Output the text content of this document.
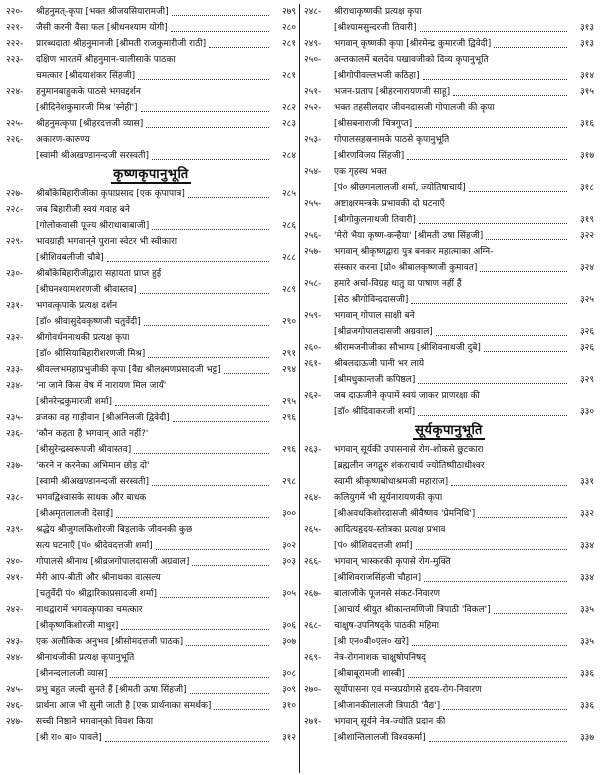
२२०-	श्रीहनुमत्-कृपा [भक्त श्रीजयसियारामजी]	२७९
२२१-	जैसी करनी वैसा फल [श्रीधनश्याम योगी]	२८०
२२२-	प्रारब्धदाता श्रीहनुमानजी [श्रीमती राजकुमारीजी राठी]	२८१
२२३-	दक्षिण भारतमें श्रीहनुमान-चालीसाके पाठका
चमत्कार [श्रीदयाशंकर सिंहजी]	२८१
२२४-	हनुमानबाहुकके पाठसे भगवद्दर्शन
[श्रीदिनेशकुमारजी मिश्र 'स्नेही']	२८२
२२५-	श्रीहनुमत्कृपा [श्रीहरदत्तजी व्यास]	२८३
२२६-	अकारण-कारुण्य
[स्वामी श्रीअखण्डानन्दजी सरस्वती]	२८४
कृष्णकृपानुभूति
२२७-	श्रीबाँकेबिहारीजीका कृपाप्रसाद [एक कृपापात्र]	२८५
२२८-	जब बिहारीजी स्वयं गवाह बने
[गोलोकवासी पूज्य श्रीराधाबाबाजी]	२८६
२२९-	भावग्राही भगवान्‌ने पुराना स्वेटर भी स्वीकारा
[श्रीशिवबलीजी चौबे]	२८८
२३०-	श्रीबाँकेबिहारीजीद्वारा सहायता प्राप्त हुई
[श्रीघनश्यामशरणजी श्रीवास्तव]	२८९
२३१-	भगवत्कृपाके प्रत्यक्ष दर्शन
[डॉ० श्रीवासुदेवकृष्णजी चतुर्वेदी]	२९०
२३२-	श्रीगोवर्धननाथकी प्रत्यक्ष कृपा
[डॉ० श्रीसियाबिहारीशरणजी मिश्र]	२९१
२३३-	श्रीवल्लभमहाप्रभुजीकी कृपा [वैद्य श्रीलक्ष्मणप्रसादजी भट्ट]	२९४
२३४-	'ना जाने किस वेष में नारायण मिल जायँ'
[श्रीनरेन्द्रकुमारजी शर्मा]	२९५
२३५-	व्रजका वह गाड़ीवान [श्रीअनिलजी द्विवेदी]	२९६
२३६-	'कौन कहता है भगवान् आते नहीं?'
[श्रीसुरेन्द्रस्वरूपजी श्रीवास्तव]	२९६
२३७-	'करने न करनेका अभिमान छोड़ दो'
[स्वामी श्रीअखण्डानन्दजी सरस्वती]	२९८
२३८-	भगवद्विश्वासके साधक और बाधक
[श्रीअमृतलालजी देसाई]	३००
२३९-	श्रद्धेय श्रीजुगलकिशोरजी बिड़लाके जीवनकी कुछ
सत्य घटनाएँ [पं० श्रीदेवदत्तजी शर्मा]	३०२
२४०-	गोपालसे श्रीनाथ [श्रीव्रजगोपालदासजी अग्रवाल]	३०३
२४१-	मेरी आप-बीती और श्रीनाथका वात्सल्य
[चतुर्वेदी पं० श्रीद्वारिकाप्रसादजी शर्मा]	३०५
२४२-	नाथद्वारामें भगवत्कृपाका चमत्कार
[श्रीकृष्णकिशोरजी माथुर]	३०६
२४३-	एक अलौकिक अनुभव [श्रीसोमदत्तजी पाठक]	३०७
२४४-	श्रीनाथजीकी प्रत्यक्ष कृपानुभूति
[श्रीनन्दलालजी व्यास]	३०८
२४५-	प्रभु बहुत जल्दी सुनते हैं [श्रीमती ऊषा सिंहजी]	३०९
२४६-	प्रार्थना आज भी सुनी जाती है [एक प्रार्थनाका समर्थक]	३१०
२४७-	सच्ची निष्ठाने भगवान्‌को विवश किया
[श्री रा० बा० पावले]	३१२
२४८-	श्रीराधाकृष्णकी प्रत्यक्ष कृपा
[श्रीश्यामसुन्दरजी तिवारी]	३१३
२४९-	भगवान् कृष्णकी कृपा [श्रीरमेन्द्र कुमारजी द्विवेदी]	३१३
२५०-	अन्तकालमें बलदेव पखावजीको दिव्य कृपानुभूति
[श्रीगोपीवल्लभजी कठिहा]	३१४
२५१-	भजन-प्रताप [श्रीहरनारायणजी साहू]	३१५
२५२-	भक्त तहसीलदार जीवनदासजी गोपालजी की कृपा
[श्रीसबनाराजी चित्रगुप्त]	३१६
२५३-	गोपालसहस्रनामके पाठसे कृपानुभूति
[श्रीरणविजय सिंहजी]	३१७
२५४-	एक गृहस्थ भक्त
[पं० श्रीछगनलालजी शर्मा, ज्योतिषाचार्य]	३१८
२५५-	अष्टाक्षरमन्त्रके प्रभावकी दो घटनाएँ
[श्रीगोकुलनाथजी तिवारी]	३१९
२५६-	'मेरो भैया कृष्ण-कन्हैया' [श्रीमती उषा सिंहजी]	३२२
२५७-	भगवान् श्रीकृष्णद्वारा पुत्र बनकर महात्माका अग्नि-
संस्कार करना [प्रो० श्रीबालकृष्णजी कुमावत]	३२४
२५८-	हमारे अर्चा-विग्रह धातु या पाषाण नहीं हैं
[सेठ श्रीगोविन्ददासजी]	३२५
२५९-	भगवान् गोपाल साक्षी बने
[श्रीव्रजगोपालदासजी अग्रवाल]	३२६
२६०-	श्रीरामजनीजीका सौभाग्य [श्रीशिवनाथजी दुबे]	३२६
२६१-	श्रीबलदाऊजी पानी भर लाये
[श्रीमधुकान्तजी कपिष्ठल]	३२९
२६२-	जब दाऊजीने कृपामें स्वयं जाकर प्राणरक्षा की
[डॉ० श्रीदिवाकरजी शर्मा]	३३०
सूर्यकृपानुभूति
२६३-	भगवान् सूर्यकी उपासनासे रोग-शोकसे छुटकारा
[ब्रह्मलीन जगद्गुरु शंकराचार्य ज्योतिष्पीठाधीश्वर
स्वामी श्रीकृष्णबोधाश्रमजी महाराज]	३३१
२६४-	कलियुगमें भी सूर्यनारायणकी कृपा
[श्रीअवधकिशोरदासजी श्रीवैष्णव 'प्रेमनिधि']	३३२
२६५-	आदित्यहृदय-स्तोत्रका प्रत्यक्ष प्रभाव
[पं० श्रीशिवदत्तजी शर्मा]	३३४
२६६-	भगवान् भास्करकी कृपासे रोग-मुक्ति
[श्रीशिवराजसिंहजी चौहान]	३३४
२६७-	बालाजीके पूजनसे संकट-निवारण
[आचार्य श्रीयुत श्रीकान्तमणिजी त्रिपाठी 'विकल']	३३५
२६८-	चाक्षुष-उपनिषद्के पाठकी महिमा
[श्री एन०बी०एल० खरे]	३३५
२६९-	नेत्र-रोगनाशक चाक्षुषोपनिषद्
[श्रीबाबूरामजी शास्त्री]	३३६
२७०-	सूर्योपासना एवं मन्त्रप्रयोगसे हृदय-रोग-निवारण
[श्रीजानकीलालजी त्रिपाठी 'वैद्य']	३३६
२७१-	भगवान् सूर्यने नेत्र-ज्योति प्रदान की
[श्रीशान्तिलालजी विश्वकर्मा]	३३७
